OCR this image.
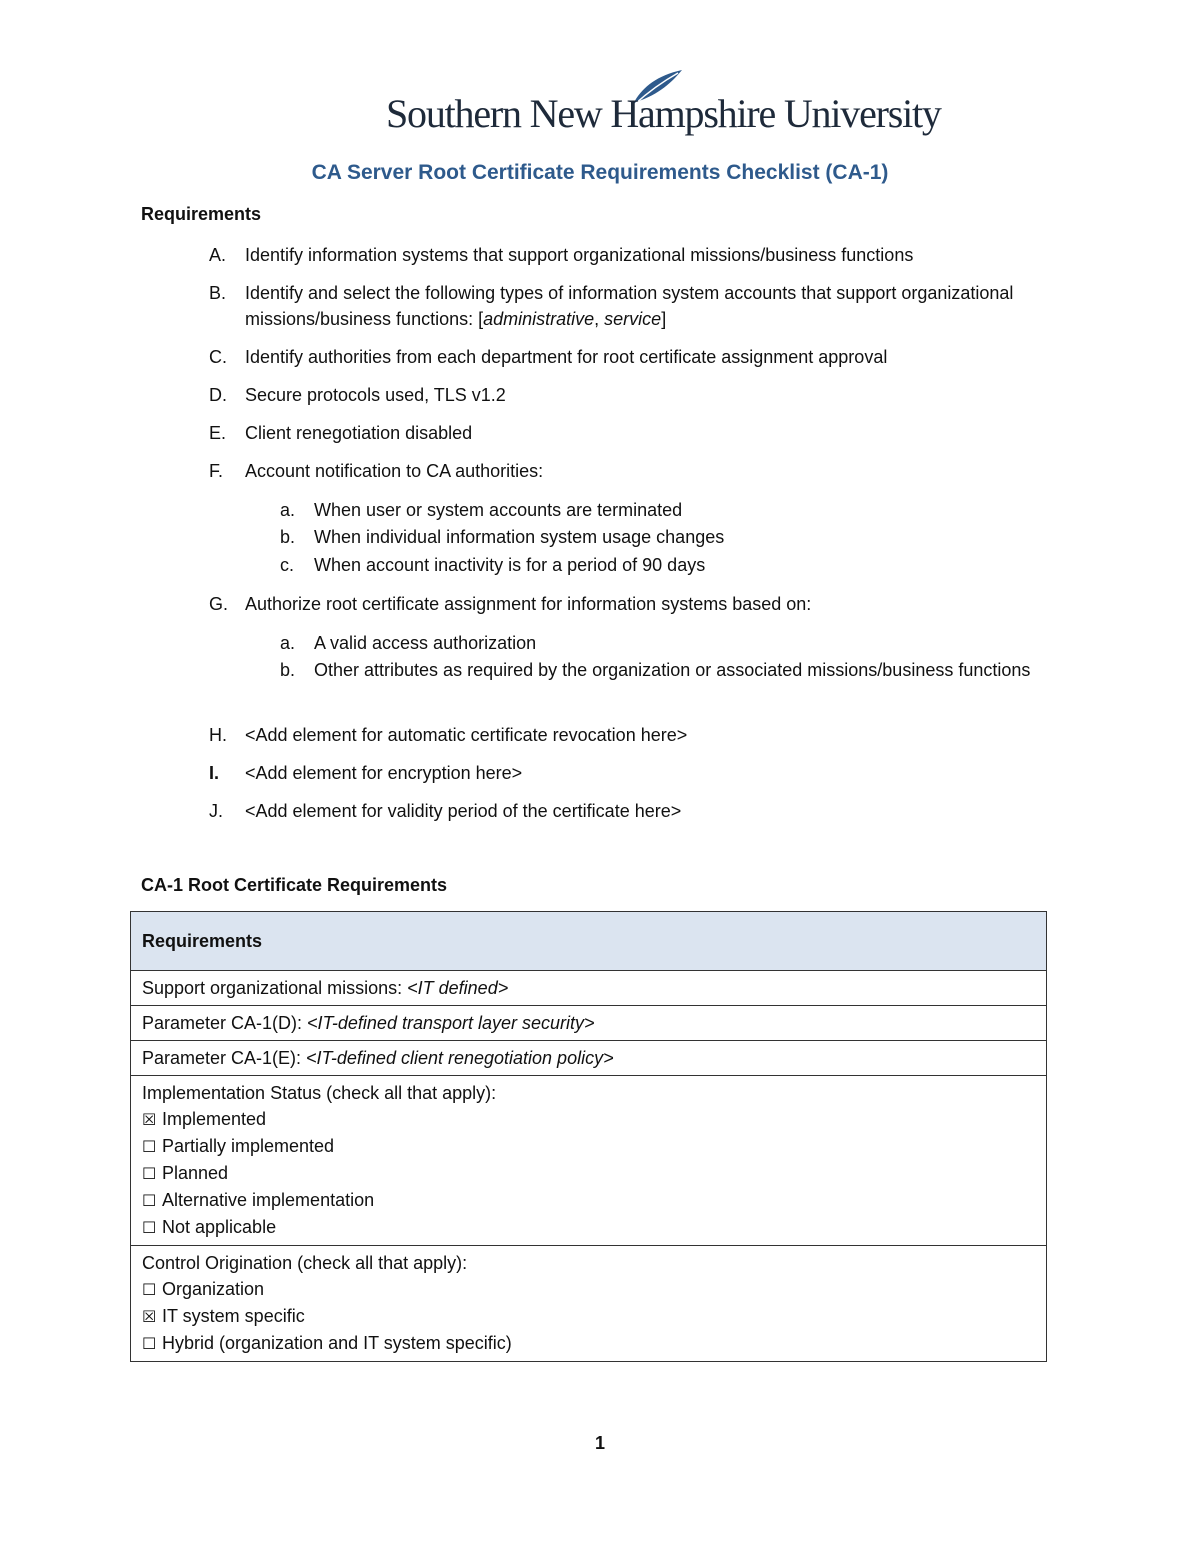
Southern New Hampshire University
CA Server Root Certificate Requirements Checklist (CA-1)
Requirements
A.	Identify information systems that support organizational missions/business functions
B.	Identify and select the following types of information system accounts that support organizational missions/business functions: [administrative, service]
C.	Identify authorities from each department for root certificate assignment approval
D.	Secure protocols used, TLS v1.2
E.	Client renegotiation disabled
F.	Account notification to CA authorities:
a.	When user or system accounts are terminated
b.	When individual information system usage changes
c.	When account inactivity is for a period of 90 days
G. Authorize root certificate assignment for information systems based on:
a.	A valid access authorization
b.	Other attributes as required by the organization or associated missions/business functions
H.	<Add element for automatic certificate revocation here>
I.	<Add element for encryption here>
J.	<Add element for validity period of the certificate here>
CA-1 Root Certificate Requirements
Requirements
Support organizational missions: <IT defined>
Parameter CA-1(D): <IT-defined transport layer security>
Parameter CA-1(E): <IT-defined client renegotiation policy>
Implementation Status (check all that apply):
☒ Implemented
☐ Partially implemented
☐ Planned
☐ Alternative implementation
☐ Not applicable
Control Origination (check all that apply):
☐ Organization
☒ IT system specific
☐ Hybrid (organization and IT system specific)
1
